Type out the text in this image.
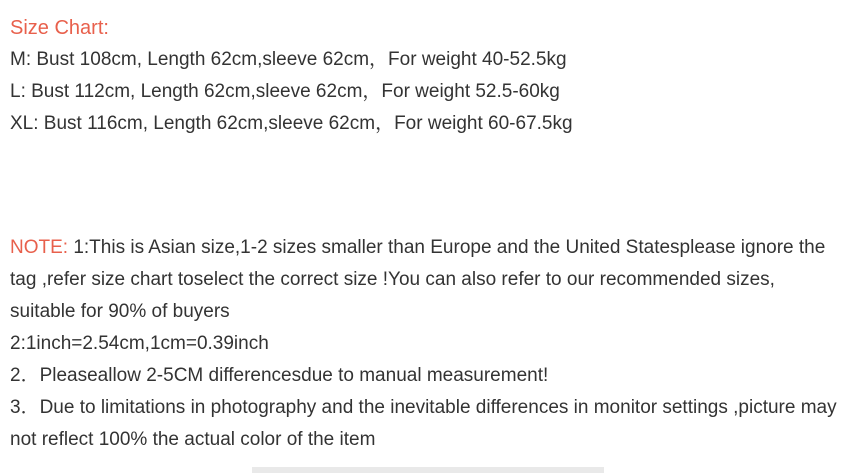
Size Chart:
M: Bust 108cm, Length 62cm,sleeve 62cm，For weight 40-52.5kg
L: Bust 112cm, Length 62cm,sleeve 62cm，For weight 52.5-60kg
XL: Bust 116cm, Length 62cm,sleeve 62cm，For weight 60-67.5kg

NOTE: 1:This is Asian size,1-2 sizes smaller than Europe and the United Statesplease ignore the tag ,refer size chart toselect the correct size !You can also refer to our recommended sizes, suitable for 90% of buyers

2:1inch=2.54cm,1cm=0.39inch

2．Pleaseallow 2-5CM differencesdue to manual measurement!

3．Due to limitations in photography and the inevitable differences in monitor settings ,picture may not reflect 100% the actual color of the item
